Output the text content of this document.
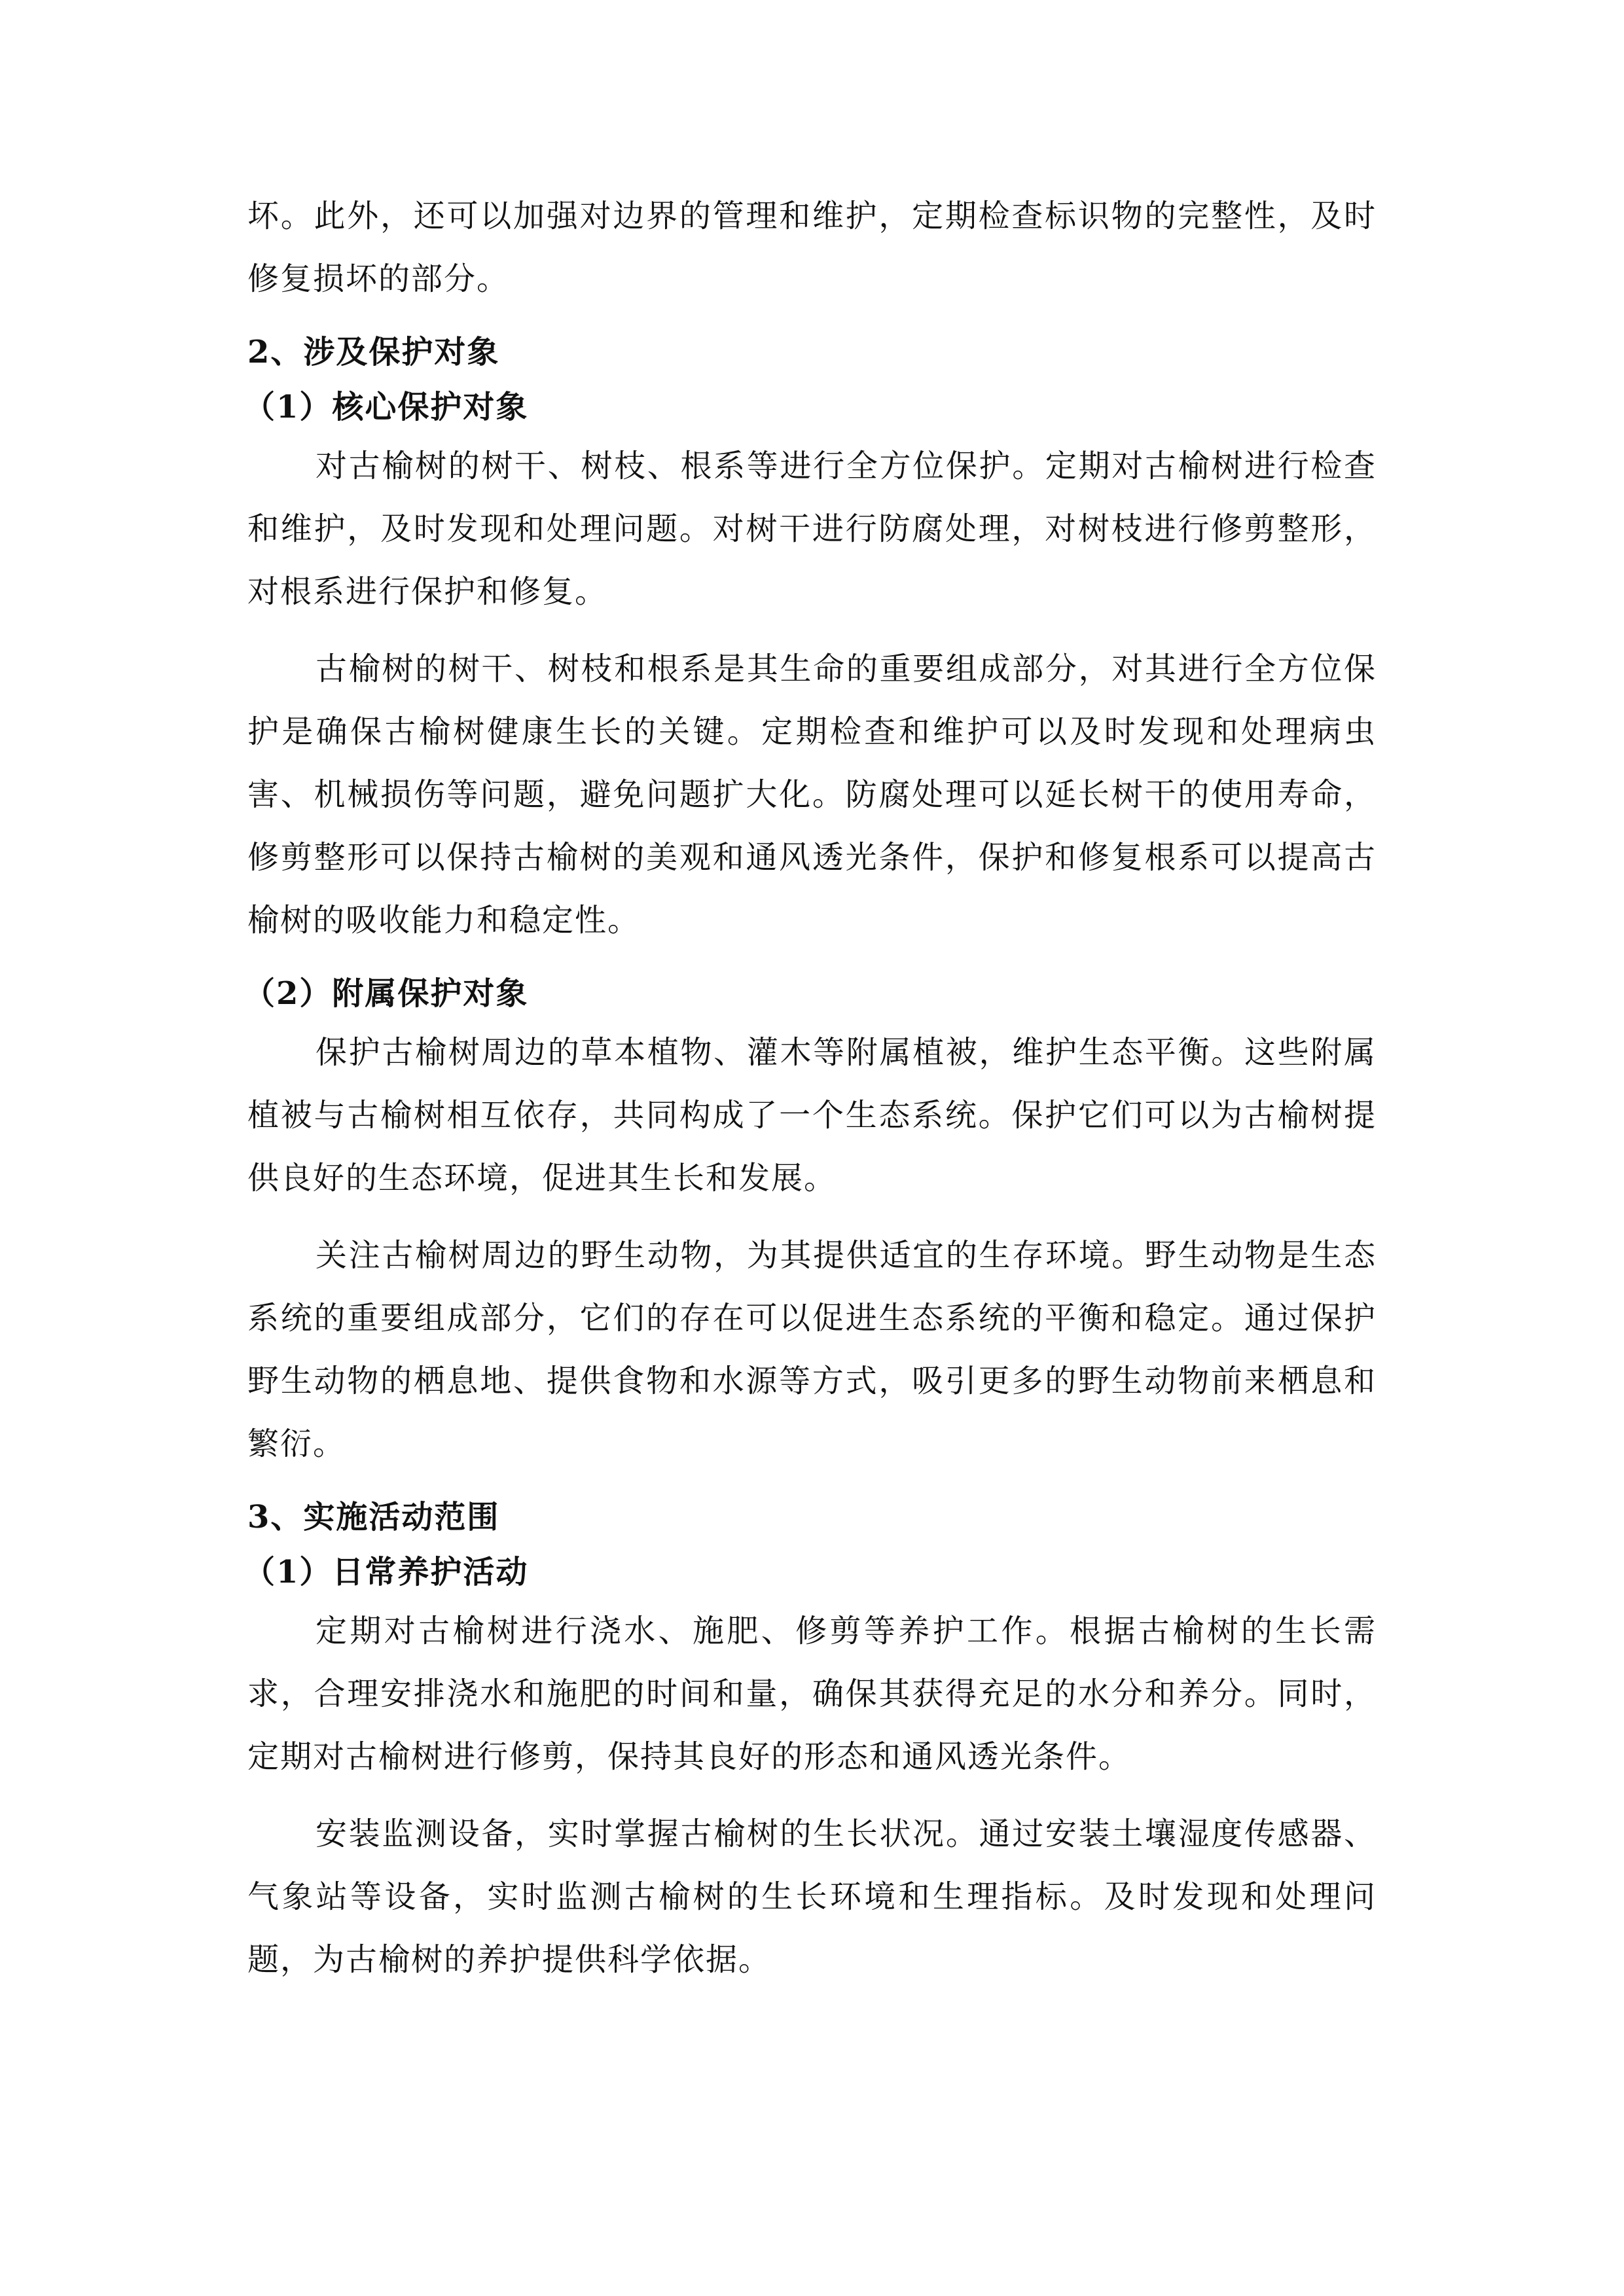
坏。此外，还可以加强对边界的管理和维护，定期检查标识物的完整性，及时修复损坏的部分。

2、涉及保护对象
（1）核心保护对象

对古榆树的树干、树枝、根系等进行全方位保护。定期对古榆树进行检查和维护，及时发现和处理问题。对树干进行防腐处理，对树枝进行修剪整形，对根系进行保护和修复。

古榆树的树干、树枝和根系是其生命的重要组成部分，对其进行全方位保护是确保古榆树健康生长的关键。定期检查和维护可以及时发现和处理病虫害、机械损伤等问题，避免问题扩大化。防腐处理可以延长树干的使用寿命，修剪整形可以保持古榆树的美观和通风透光条件，保护和修复根系可以提高古榆树的吸收能力和稳定性。

（2）附属保护对象

保护古榆树周边的草本植物、灌木等附属植被，维护生态平衡。这些附属植被与古榆树相互依存，共同构成了一个生态系统。保护它们可以为古榆树提供良好的生态环境，促进其生长和发展。

关注古榆树周边的野生动物，为其提供适宜的生存环境。野生动物是生态系统的重要组成部分，它们的存在可以促进生态系统的平衡和稳定。通过保护野生动物的栖息地、提供食物和水源等方式，吸引更多的野生动物前来栖息和繁衍。

3、实施活动范围
（1）日常养护活动

定期对古榆树进行浇水、施肥、修剪等养护工作。根据古榆树的生长需求，合理安排浇水和施肥的时间和量，确保其获得充足的水分和养分。同时，定期对古榆树进行修剪，保持其良好的形态和通风透光条件。

安装监测设备，实时掌握古榆树的生长状况。通过安装土壤湿度传感器、气象站等设备，实时监测古榆树的生长环境和生理指标。及时发现和处理问题，为古榆树的养护提供科学依据。
